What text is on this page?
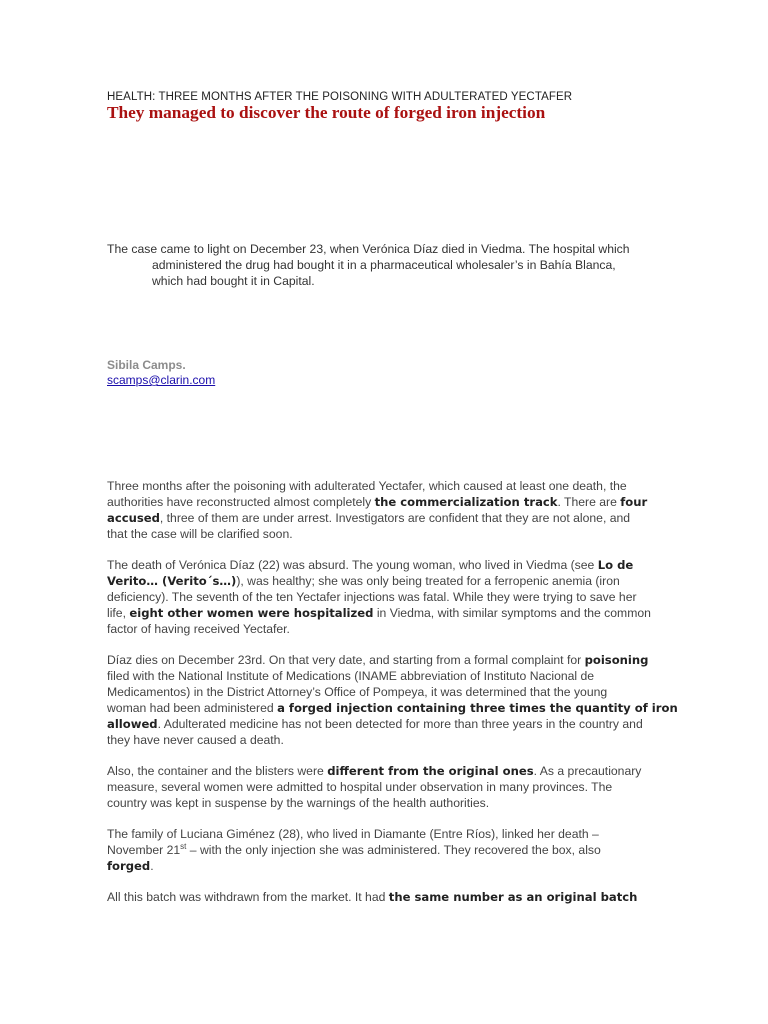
HEALTH: THREE MONTHS AFTER THE POISONING WITH ADULTERATED YECTAFER
They managed to discover the route of forged iron injection
The case came to light on December 23, when Verónica Díaz died in Viedma. The hospital which
administered the drug had bought it in a pharmaceutical wholesaler’s in Bahía Blanca,
which had bought it in Capital.
Sibila Camps.
scamps@clarin.com

Three months after the poisoning with adulterated Yectafer, which caused at least one death, the
authorities have reconstructed almost completely the commercialization track. There are four
accused, three of them are under arrest. Investigators are confident that they are not alone, and
that the case will be clarified soon.

The death of Verónica Díaz (22) was absurd. The young woman, who lived in Viedma (see Lo de
Verito… (Verito´s…)), was healthy; she was only being treated for a ferropenic anemia (iron
deficiency). The seventh of the ten Yectafer injections was fatal. While they were trying to save her
life, eight other women were hospitalized in Viedma, with similar symptoms and the common
factor of having received Yectafer.

Díaz dies on December 23rd. On that very date, and starting from a formal complaint for poisoning
filed with the National Institute of Medications (INAME abbreviation of Instituto Nacional de
Medicamentos) in the District Attorney’s Office of Pompeya, it was determined that the young
woman had been administered a forged injection containing three times the quantity of iron
allowed. Adulterated medicine has not been detected for more than three years in the country and
they have never caused a death.

Also, the container and the blisters were different from the original ones. As a precautionary
measure, several women were admitted to hospital under observation in many provinces. The
country was kept in suspense by the warnings of the health authorities.

The family of Luciana Giménez (28), who lived in Diamante (Entre Ríos), linked her death –
November 21st – with the only injection she was administered. They recovered the box, also
forged.

All this batch was withdrawn from the market. It had the same number as an original batch
